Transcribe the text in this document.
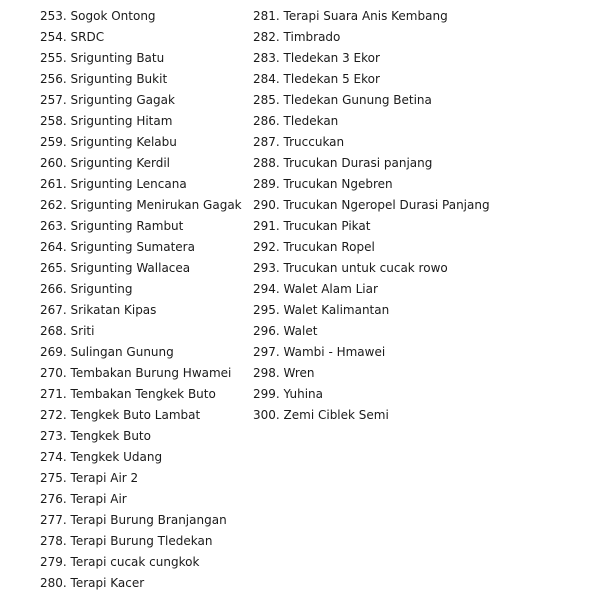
253. Sogok Ontong
254. SRDC
255. Srigunting Batu
256. Srigunting Bukit
257. Srigunting Gagak
258. Srigunting Hitam
259. Srigunting Kelabu
260. Srigunting Kerdil
261. Srigunting Lencana
262. Srigunting Menirukan Gagak
263. Srigunting Rambut
264. Srigunting Sumatera
265. Srigunting Wallacea
266. Srigunting
267. Srikatan Kipas
268. Sriti
269. Sulingan Gunung
270. Tembakan Burung Hwamei
271. Tembakan Tengkek Buto
272. Tengkek Buto Lambat
273. Tengkek Buto
274. Tengkek Udang
275. Terapi Air 2
276. Terapi Air
277. Terapi Burung Branjangan
278. Terapi Burung Tledekan
279. Terapi cucak cungkok
280. Terapi Kacer
281. Terapi Suara Anis Kembang
282. Timbrado
283. Tledekan 3 Ekor
284. Tledekan 5 Ekor
285. Tledekan Gunung Betina
286. Tledekan
287. Truccukan
288. Trucukan Durasi panjang
289. Trucukan Ngebren
290. Trucukan Ngeropel Durasi Panjang
291. Trucukan Pikat
292. Trucukan Ropel
293. Trucukan untuk cucak rowo
294. Walet Alam Liar
295. Walet Kalimantan
296. Walet
297. Wambi - Hmawei
298. Wren
299. Yuhina
300. Zemi Ciblek Semi
